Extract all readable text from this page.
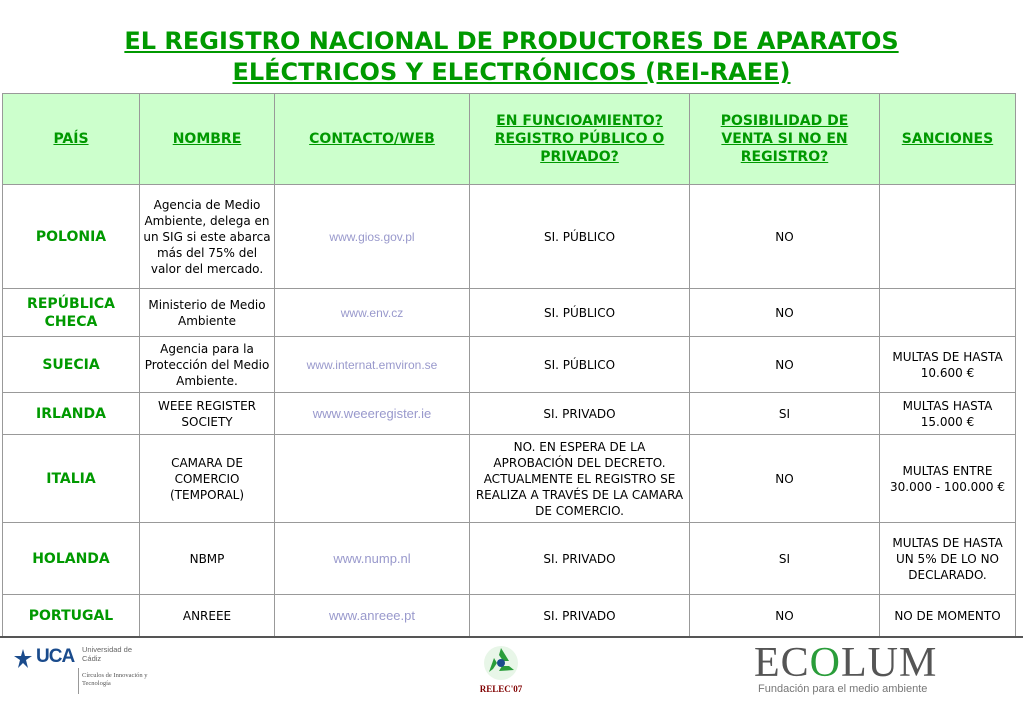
EL REGISTRO NACIONAL DE PRODUCTORES DE APARATOS
ELÉCTRICOS Y ELECTRÓNICOS (REI-RAEE)
PAÍS	NOMBRE	CONTACTO/WEB	EN FUNCIOAMIENTO? REGISTRO PÚBLICO O PRIVADO?	POSIBILIDAD DE VENTA SI NO EN REGISTRO?	SANCIONES
POLONIA	Agencia de Medio Ambiente, delega en un SIG si este abarca más del 75% del valor del mercado.	www.gios.gov.pl	SI. PÚBLICO	NO	
REPÚBLICA CHECA	Ministerio de Medio Ambiente	www.env.cz	SI. PÚBLICO	NO	
SUECIA	Agencia para la Protección del Medio Ambiente.	www.internat.emviron.se	SI. PÚBLICO	NO	MULTAS DE HASTA 10.600 €
IRLANDA	WEEE REGISTER SOCIETY	www.weeeregister.ie	SI. PRIVADO	SI	MULTAS HASTA 15.000 €
ITALIA	CAMARA DE COMERCIO (TEMPORAL)		NO. EN ESPERA DE LA APROBACIÓN DEL DECRETO. ACTUALMENTE EL REGISTRO SE REALIZA A TRAVÉS DE LA CAMARA DE COMERCIO.	NO	MULTAS ENTRE 30.000 - 100.000 €
HOLANDA	NBMP	www.nump.nl	SI. PRIVADO	SI	MULTAS DE HASTA UN 5% DE LO NO DECLARADO.
PORTUGAL	ANREEE	www.anreee.pt	SI. PRIVADO	NO	NO DE MOMENTO
UCA Universidad de Cádiz
Círculos de Innovación y Tecnología
RELEC'07
ECOLUM
Fundación para el medio ambiente
